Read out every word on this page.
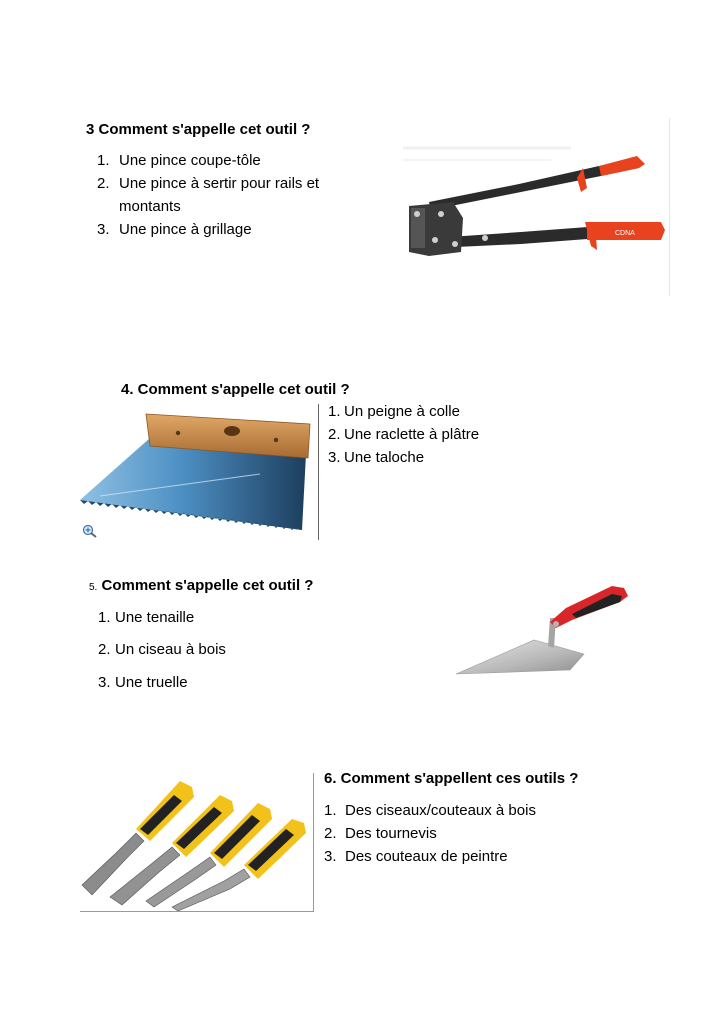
3 Comment s'appelle cet outil ?
1. Une pince coupe-tôle
2. Une pince à sertir pour rails et
montants
3. Une pince à grillage	CDNA
4. Comment s'appelle cet outil ?
1. Un peigne à colle
2. Une raclette à plâtre
3. Une taloche
5. Comment s'appelle cet outil ?
1. Une tenaille
2. Un ciseau à bois
3. Une truelle
6. Comment s'appellent ces outils ?
1. Des ciseaux/couteaux à bois
2. Des tournevis
3. Des couteaux de peintre
